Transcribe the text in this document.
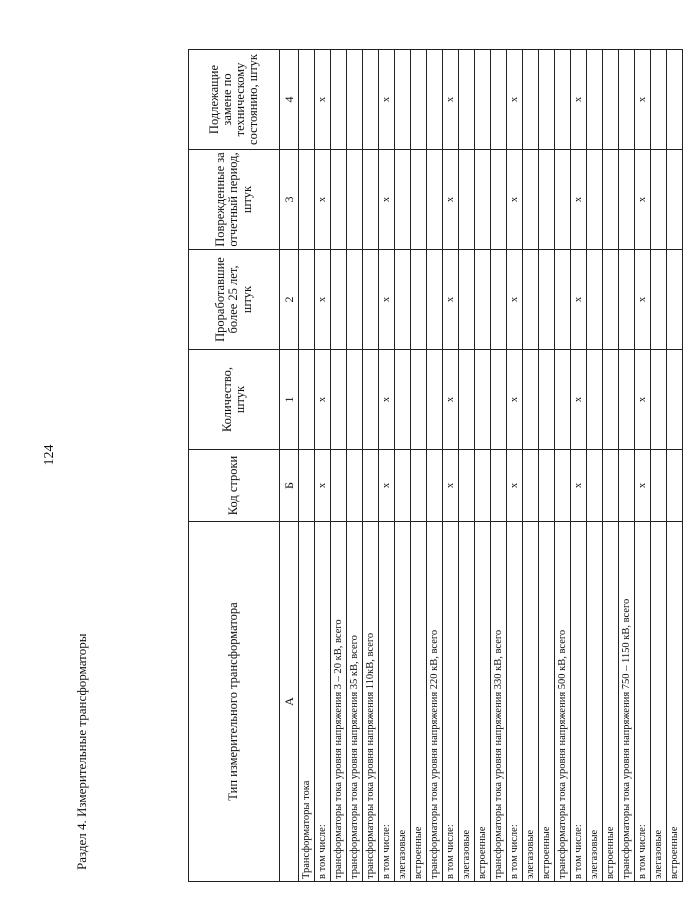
124
Раздел 4. Измерительные трансформаторы	Тип измерительного трансформатора	Код строки	Количество, штук	Проработавшие более 25 лет, штук	Поврежденные за отчетный период, штук	Подлежащие замене по техническому состоянию, штук
А	Б	1	2	3	4
Трансформаторы тока					
в том числе:	х	х	х	х	х
трансформаторы тока уровня напряжения 3 – 20 кВ, всего					
трансформаторы тока уровня напряжения 35 кВ, всего					
трансформаторы тока уровня напряжения 110кВ, всего					
в том числе:	х	х	х	х	х
элегазовые					
встроенные					
трансформаторы тока уровня напряжения 220 кВ, всего					
в том числе:	х	х	х	х	х
элегазовые					
встроенные					
трансформаторы тока уровня напряжения 330 кВ, всего					
в том числе:	х	х	х	х	х
элегазовые					
встроенные					
трансформаторы тока уровня напряжения 500 кВ, всего					
в том числе:	х	х	х	х	х
элегазовые					
встроенные					
трансформаторы тока уровня напряжения 750 – 1150 кВ, всего					
в том числе:	х	х	х	х	х
элегазовые					
встроенные					
